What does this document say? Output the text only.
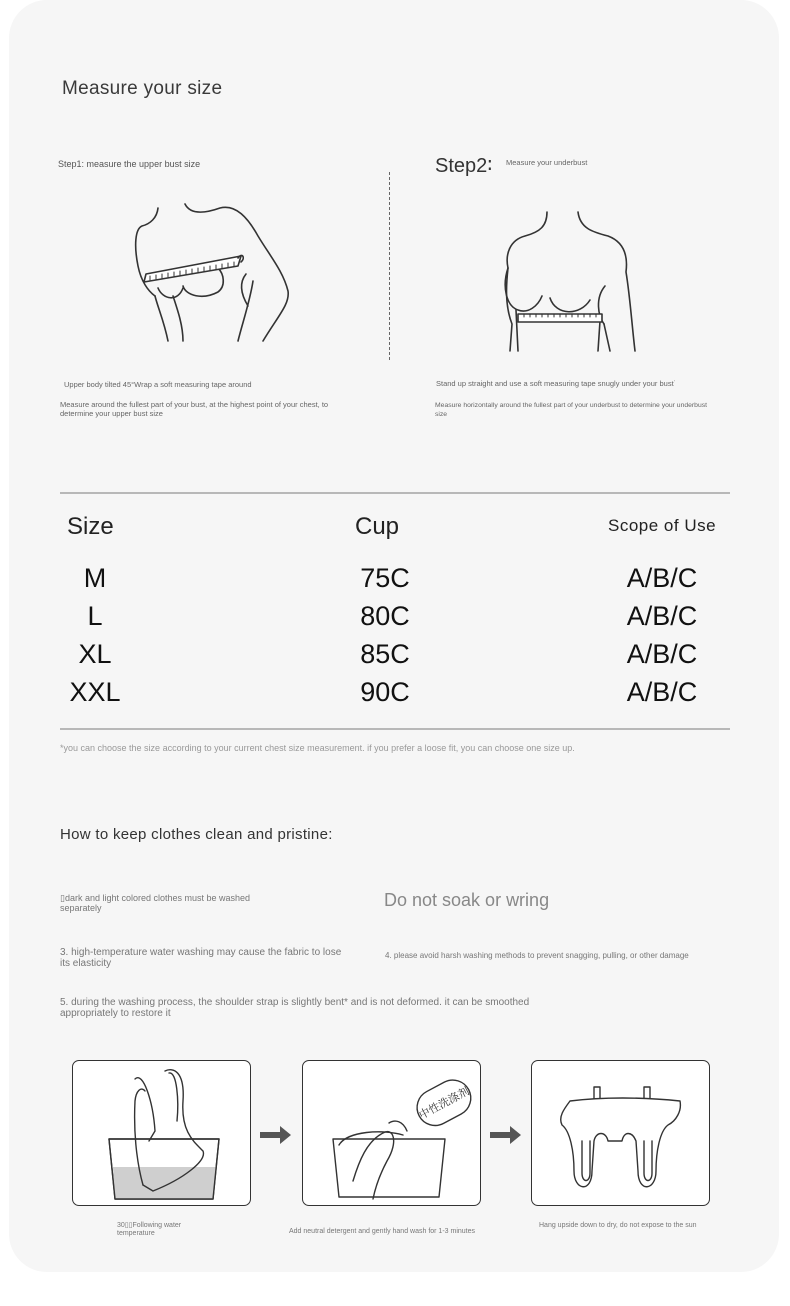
Measure your size
Step1: measure the upper bust size	Step2∶ Measure your underbust
Upper body tilted 45°Wrap a soft measuring tape around
Measure around the fullest part of your bust, at the highest point of your chest, to determine your upper bust size
Stand up straight and use a soft measuring tape snugly under your bust˙
Measure horizontally around the fullest part of your underbust to determine your underbust size
Size	Cup	Scope of Use
M	75C	A/B/C
L	80C	A/B/C
XL	85C	A/B/C
XXL	90C	A/B/C
*you can choose the size according to your current chest size measurement. if you prefer a loose fit, you can choose one size up.
How to keep clothes clean and pristine:
▯dark and light colored clothes must be washed separately	Do not soak or wring
3. high-temperature water washing may cause the fabric to lose its elasticity
4. please avoid harsh washing methods to prevent snagging, pulling, or other damage
5. during the washing process, the shoulder strap is slightly bent* and is not deformed. it can be smoothed appropriately to restore it
中性洗涤剂
30▯▯Following water temperature	Add neutral detergent and gently hand wash for 1-3 minutes
Hang upside down to dry, do not expose to the sun
